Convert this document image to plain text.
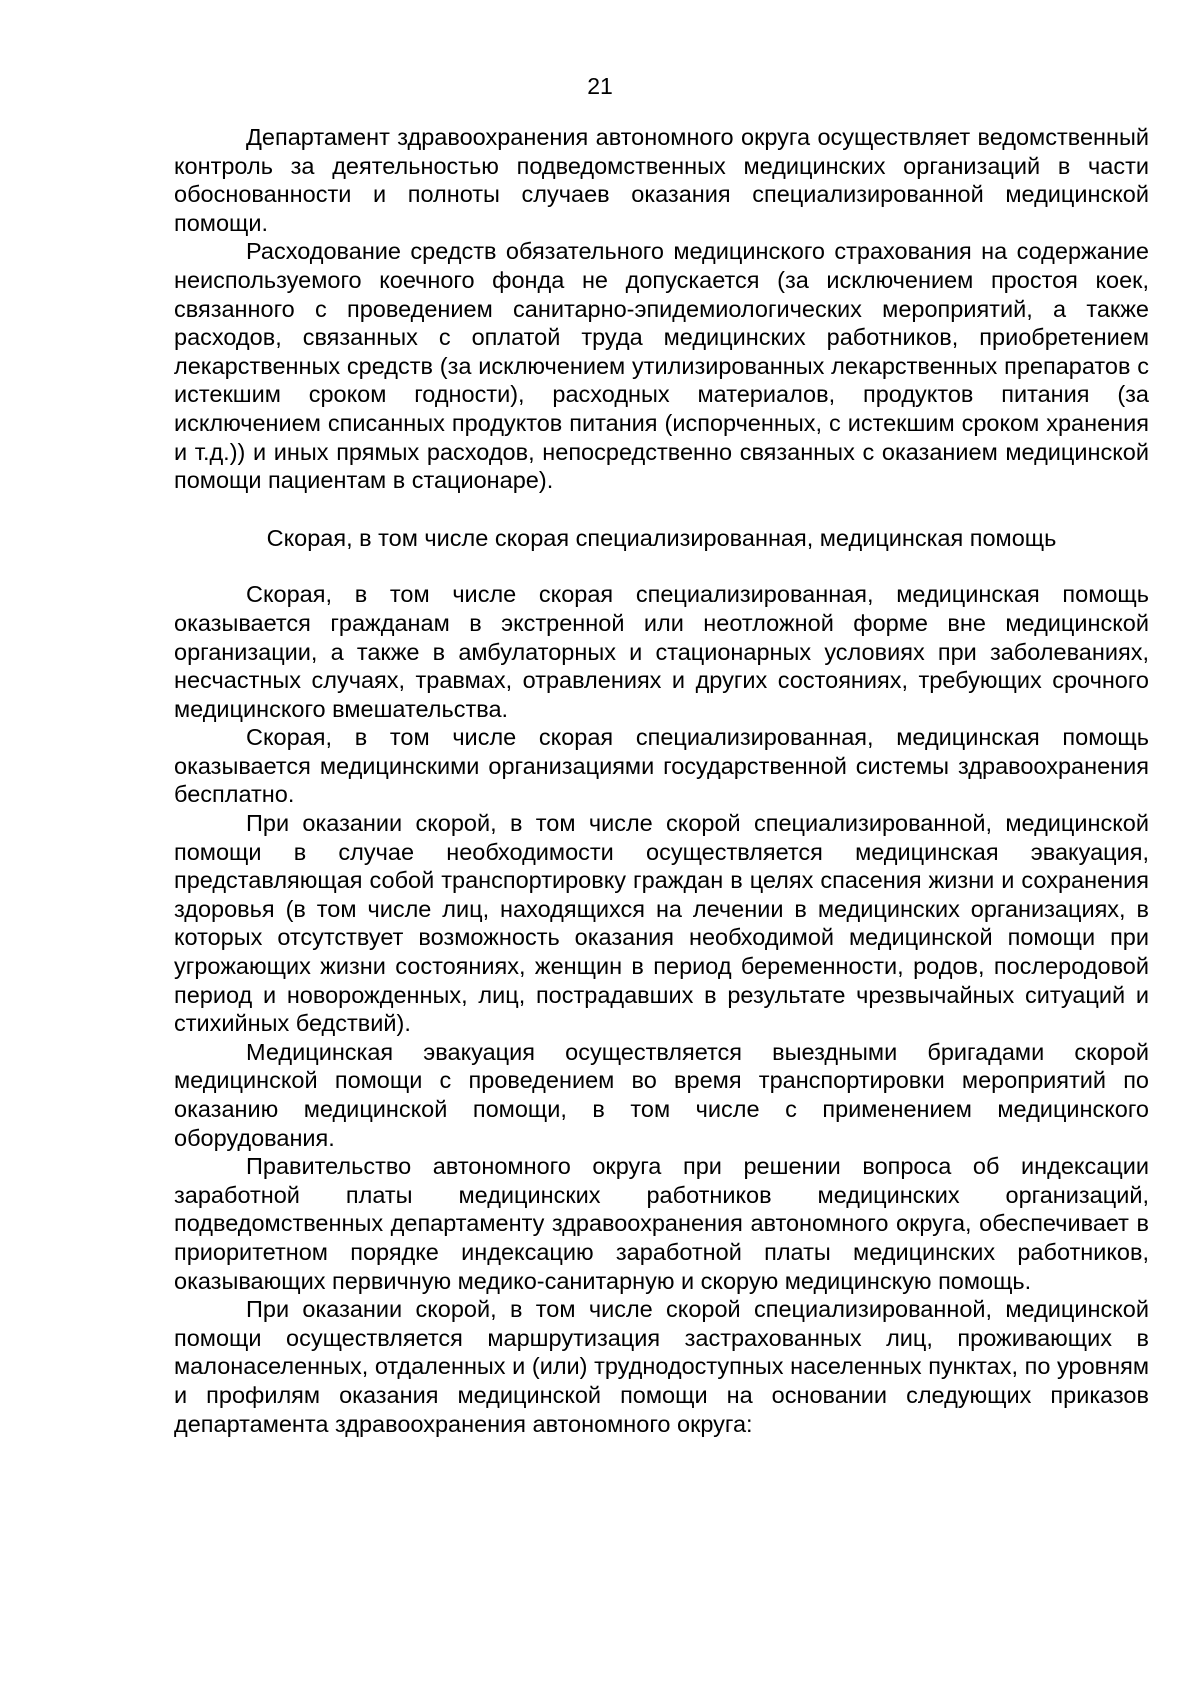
21

Департамент здравоохранения автономного округа осуществляет ведомственный контроль за деятельностью подведомственных медицинских организаций в части обоснованности и полноты случаев оказания специализированной медицинской помощи.

Расходование средств обязательного медицинского страхования на содержание неиспользуемого коечного фонда не допускается (за исключением простоя коек, связанного с проведением санитарно-эпидемиологических мероприятий, а также расходов, связанных с оплатой труда медицинских работников, приобретением лекарственных средств (за исключением утилизированных лекарственных препаратов с истекшим сроком годности), расходных материалов, продуктов питания (за исключением списанных продуктов питания (испорченных, с истекшим сроком хранения и т.д.)) и иных прямых расходов, непосредственно связанных с оказанием медицинской помощи пациентам в стационаре).

Скорая, в том числе скорая специализированная, медицинская помощь

Скорая, в том числе скорая специализированная, медицинская помощь оказывается гражданам в экстренной или неотложной форме вне медицинской организации, а также в амбулаторных и стационарных условиях при заболеваниях, несчастных случаях, травмах, отравлениях и других состояниях, требующих срочного медицинского вмешательства.

Скорая, в том числе скорая специализированная, медицинская помощь оказывается медицинскими организациями государственной системы здравоохранения бесплатно.

При оказании скорой, в том числе скорой специализированной, медицинской помощи в случае необходимости осуществляется медицинская эвакуация, представляющая собой транспортировку граждан в целях спасения жизни и сохранения здоровья (в том числе лиц, находящихся на лечении в медицинских организациях, в которых отсутствует возможность оказания необходимой медицинской помощи при угрожающих жизни состояниях, женщин в период беременности, родов, послеродовой период и новорожденных, лиц, пострадавших в результате чрезвычайных ситуаций и стихийных бедствий).

Медицинская эвакуация осуществляется выездными бригадами скорой медицинской помощи с проведением во время транспортировки мероприятий по оказанию медицинской помощи, в том числе с применением медицинского оборудования.

Правительство автономного округа при решении вопроса об индексации заработной платы медицинских работников медицинских организаций, подведомственных департаменту здравоохранения автономного округа, обеспечивает в приоритетном порядке индексацию заработной платы медицинских работников, оказывающих первичную медико-санитарную и скорую медицинскую помощь.

При оказании скорой, в том числе скорой специализированной, медицинской помощи осуществляется маршрутизация застрахованных лиц, проживающих в малонаселенных, отдаленных и (или) труднодоступных населенных пунктах, по уровням и профилям оказания медицинской помощи на основании следующих приказов департамента здравоохранения автономного округа:
